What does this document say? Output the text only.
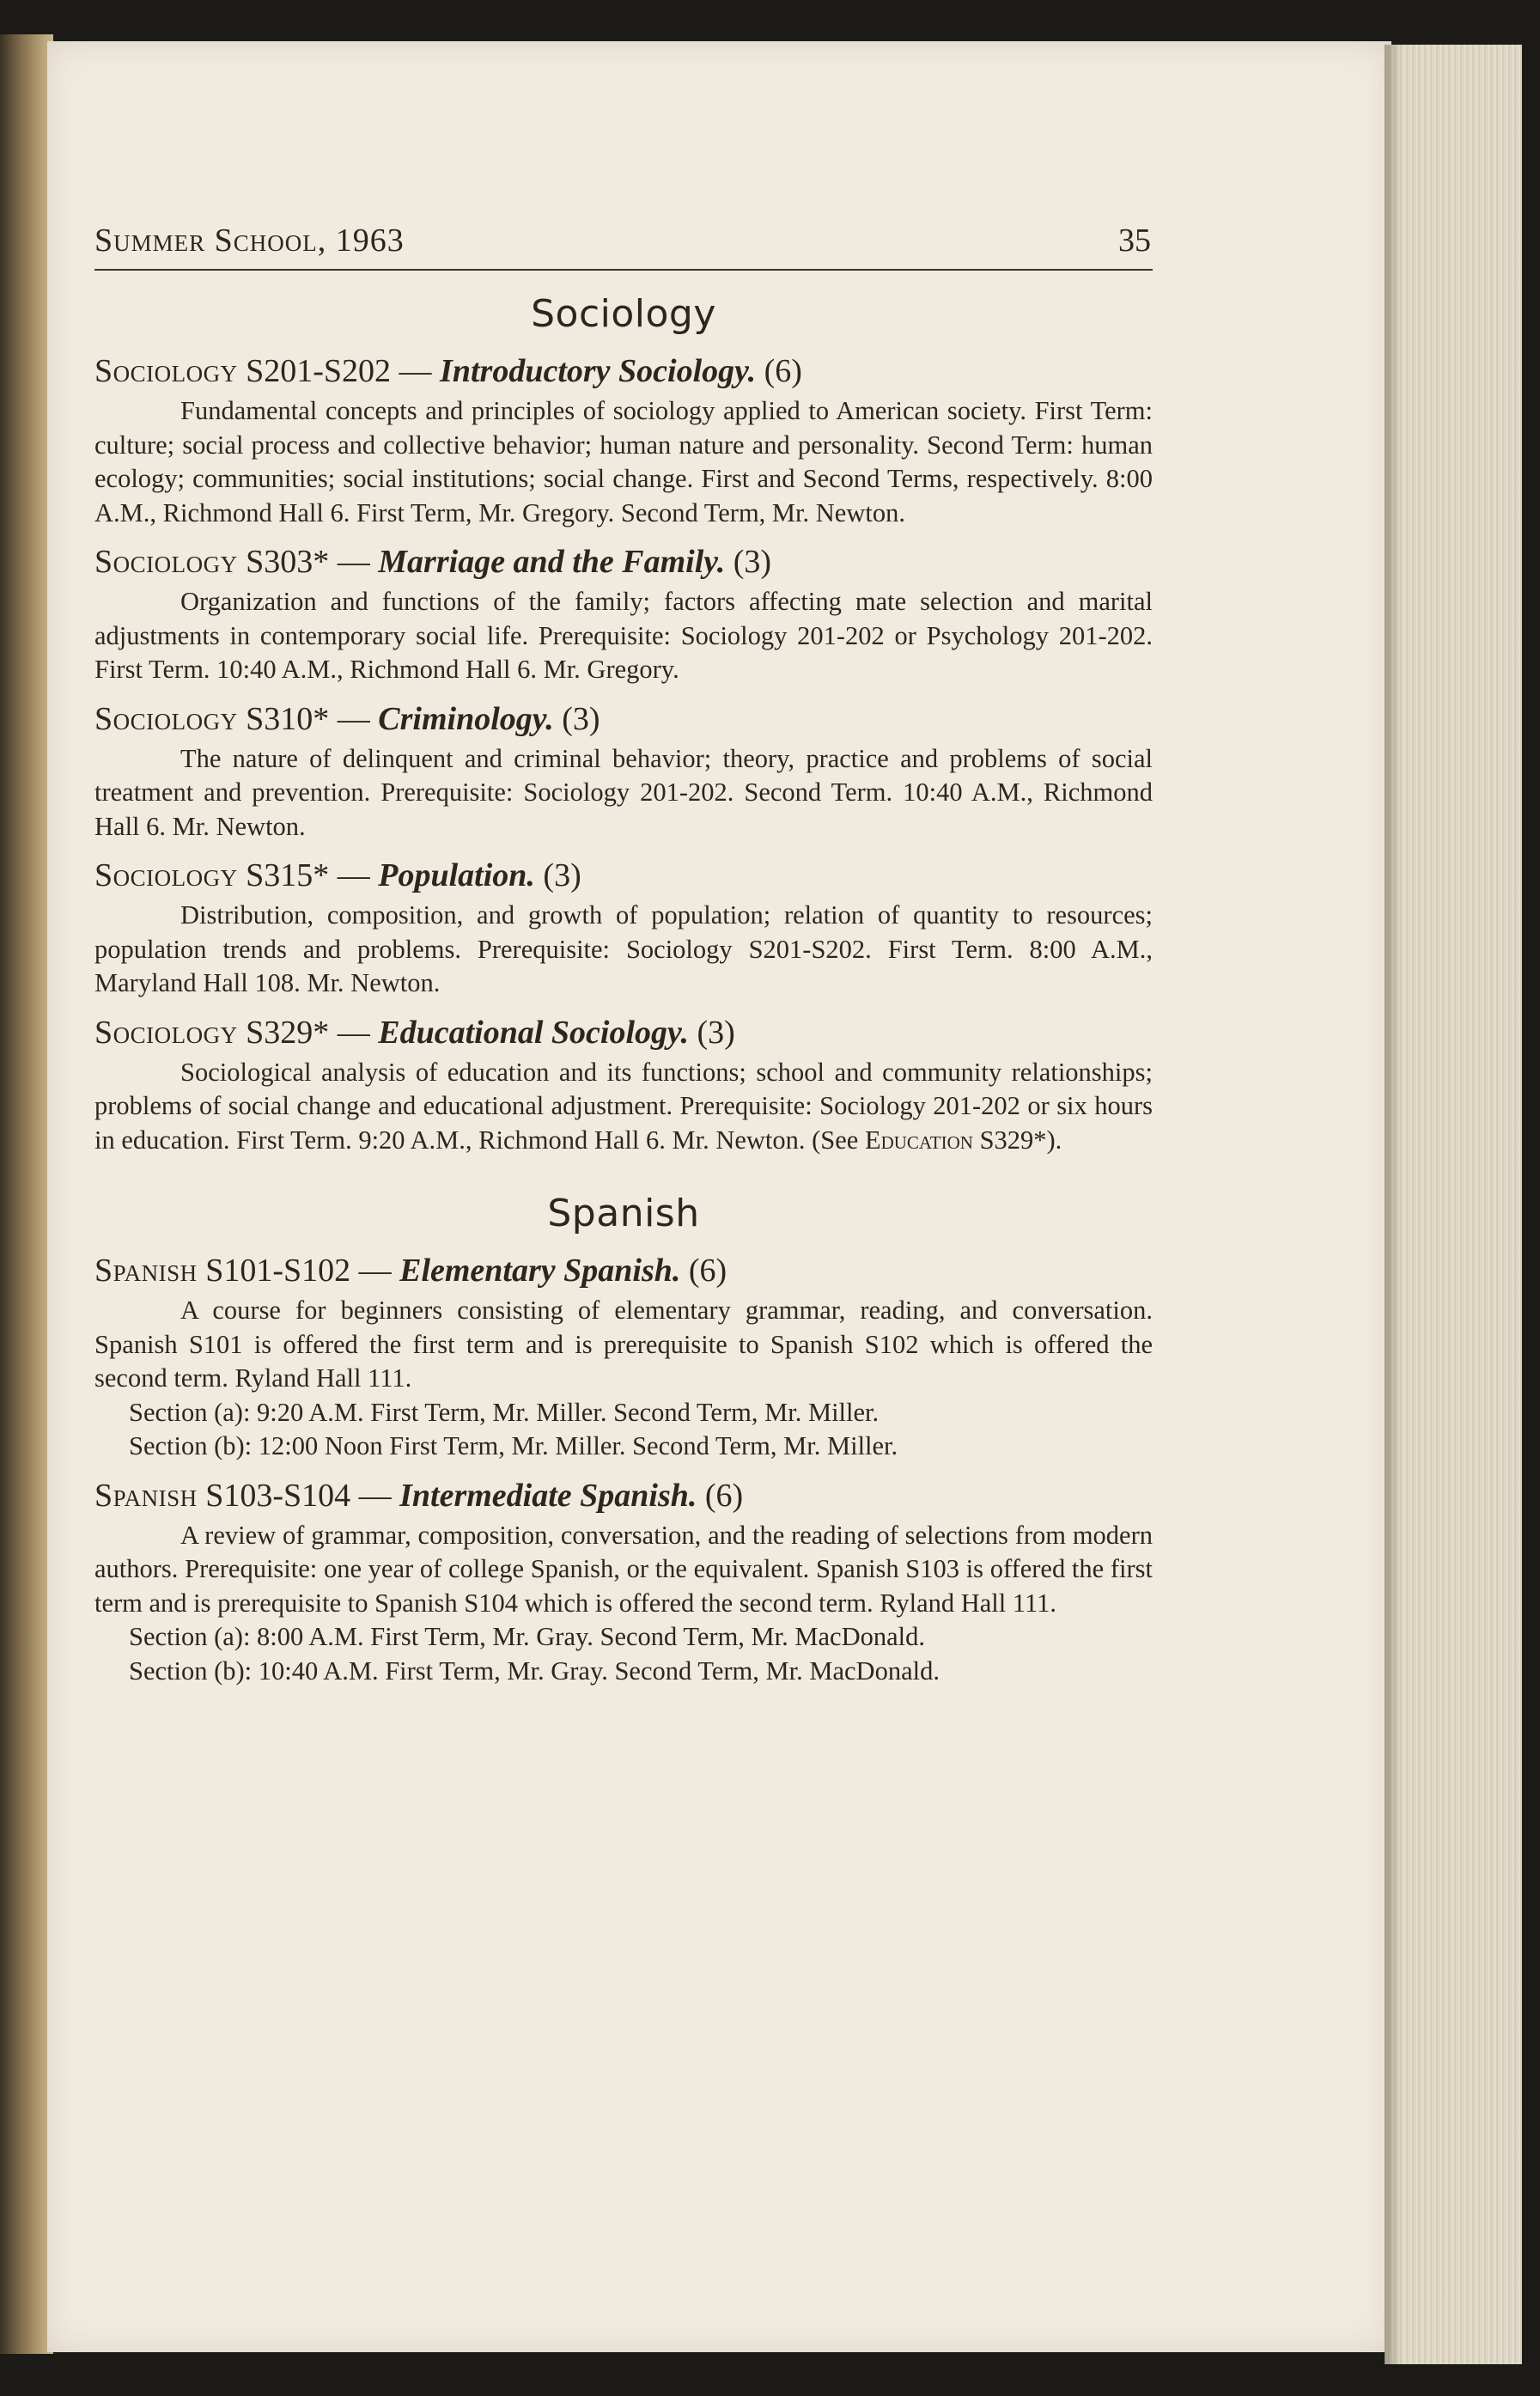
Summer School, 1963	35
Sociology
Sociology S201-S202 — Introductory Sociology. (6)

Fundamental concepts and principles of sociology applied to American society. First Term: culture; social process and collective behavior; human nature and personality. Second Term: human ecology; communities; social institutions; social change. First and Second Terms, respectively. 8:00 A.M., Richmond Hall 6. First Term, Mr. Gregory. Second Term, Mr. Newton.

Sociology S303* — Marriage and the Family. (3)

Organization and functions of the family; factors affecting mate selection and marital adjustments in contemporary social life. Prerequisite: Sociology 201-202 or Psychology 201-202. First Term. 10:40 A.M., Richmond Hall 6. Mr. Gregory.

Sociology S310* — Criminology. (3)

The nature of delinquent and criminal behavior; theory, practice and problems of social treatment and prevention. Prerequisite: Sociology 201-202. Second Term. 10:40 A.M., Richmond Hall 6. Mr. Newton.

Sociology S315* — Population. (3)

Distribution, composition, and growth of population; relation of quantity to resources; population trends and problems. Prerequisite: Sociology S201-S202. First Term. 8:00 A.M., Maryland Hall 108. Mr. Newton.

Sociology S329* — Educational Sociology. (3)

Sociological analysis of education and its functions; school and community relationships; problems of social change and educational adjustment. Prerequisite: Sociology 201-202 or six hours in education. First Term. 9:20 A.M., Richmond Hall 6. Mr. Newton. (See Education S329*).

Spanish
Spanish S101-S102 — Elementary Spanish. (6)

A course for beginners consisting of elementary grammar, reading, and conversation. Spanish S101 is offered the first term and is prerequisite to Spanish S102 which is offered the second term. Ryland Hall 111.

Section (a): 9:20 A.M. First Term, Mr. Miller. Second Term, Mr. Miller.

Section (b): 12:00 Noon First Term, Mr. Miller. Second Term, Mr. Miller.

Spanish S103-S104 — Intermediate Spanish. (6)

A review of grammar, composition, conversation, and the reading of selections from modern authors. Prerequisite: one year of college Spanish, or the equivalent. Spanish S103 is offered the first term and is prerequisite to Spanish S104 which is offered the second term. Ryland Hall 111.

Section (a): 8:00 A.M. First Term, Mr. Gray. Second Term, Mr. MacDonald.

Section (b): 10:40 A.M. First Term, Mr. Gray. Second Term, Mr. MacDonald.
